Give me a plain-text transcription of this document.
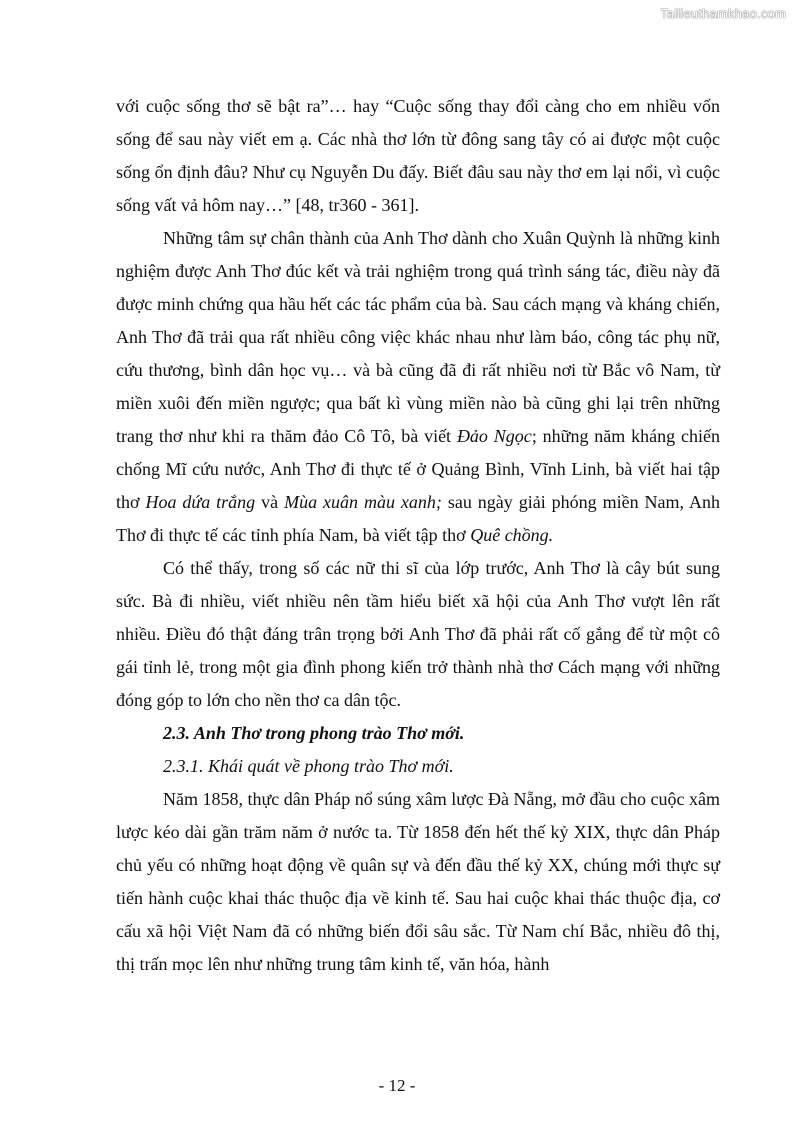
Tailieuthamkhao.com

với cuộc sống thơ sẽ bật ra”… hay “Cuộc sống thay đổi càng cho em nhiều vốn sống để sau này viết em ạ. Các nhà thơ lớn từ đông sang tây có ai được một cuộc sống ổn định đâu? Như cụ Nguyễn Du đấy. Biết đâu sau này thơ em lại nổi, vì cuộc sống vất vả hôm nay…” [48, tr360 - 361].

Những tâm sự chân thành của Anh Thơ dành cho Xuân Quỳnh là những kinh nghiệm được Anh Thơ đúc kết và trải nghiệm trong quá trình sáng tác, điều này đã được minh chứng qua hầu hết các tác phẩm của bà. Sau cách mạng và kháng chiến, Anh Thơ đã trải qua rất nhiều công việc khác nhau như làm báo, công tác phụ nữ, cứu thương, bình dân học vụ… và bà cũng đã đi rất nhiều nơi từ Bắc vô Nam, từ miền xuôi đến miền ngược; qua bất kì vùng miền nào bà cũng ghi lại trên những trang thơ như khi ra thăm đảo Cô Tô, bà viết Đảo Ngọc; những năm kháng chiến chống Mĩ cứu nước, Anh Thơ đi thực tế ở Quảng Bình, Vĩnh Linh, bà viết hai tập thơ Hoa dứa trắng và Mùa xuân màu xanh; sau ngày giải phóng miền Nam, Anh Thơ đi thực tế các tỉnh phía Nam, bà viết tập thơ Quê chồng.

Có thể thấy, trong số các nữ thi sĩ của lớp trước, Anh Thơ là cây bút sung sức. Bà đi nhiều, viết nhiều nên tầm hiểu biết xã hội của Anh Thơ vượt lên rất nhiều. Điều đó thật đáng trân trọng bởi Anh Thơ đã phải rất cố gắng để từ một cô gái tỉnh lẻ, trong một gia đình phong kiến trở thành nhà thơ Cách mạng với những đóng góp to lớn cho nền thơ ca dân tộc.

2.3. Anh Thơ trong phong trào Thơ mới.

2.3.1. Khái quát về phong trào Thơ mới.

Năm 1858, thực dân Pháp nổ súng xâm lược Đà Nẵng, mở đầu cho cuộc xâm lược kéo dài gần trăm năm ở nước ta. Từ 1858 đến hết thế kỷ XIX, thực dân Pháp chủ yếu có những hoạt động về quân sự và đến đầu thế kỷ XX, chúng mới thực sự tiến hành cuộc khai thác thuộc địa về kinh tế. Sau hai cuộc khai thác thuộc địa, cơ cấu xã hội Việt Nam đã có những biến đổi sâu sắc. Từ Nam chí Bắc, nhiều đô thị, thị trấn mọc lên như những trung tâm kinh tế, văn hóa, hành

- 12 -
